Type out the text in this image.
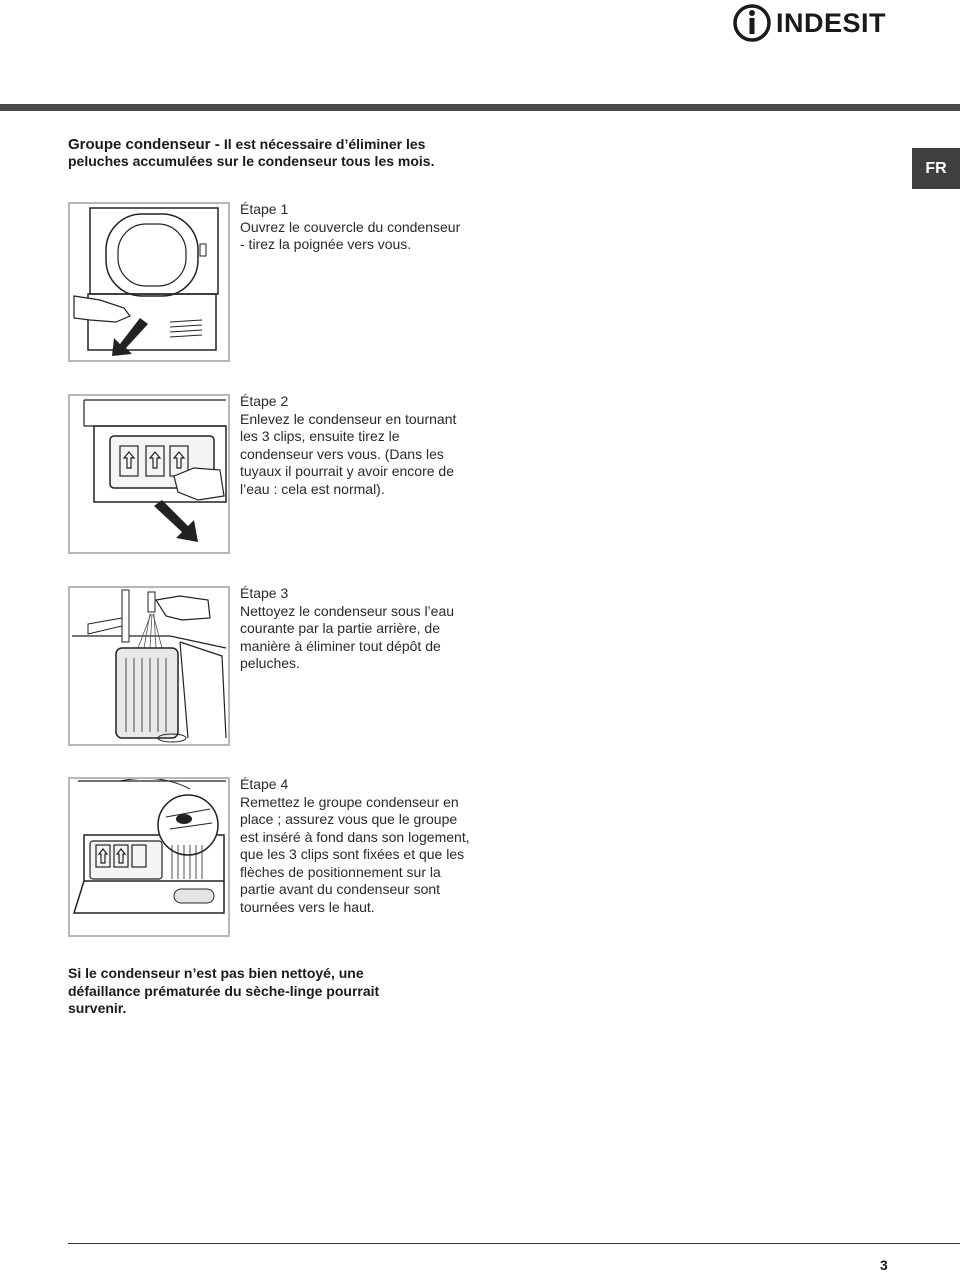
INDESIT
FR
Groupe condenseur - Il est nécessaire d’éliminer les peluches accumulées sur le condenseur tous les mois.
Étape 1
Ouvrez le couvercle du condenseur
- tirez la poignée vers vous.
Étape 2
Enlevez le condenseur en tournant les 3 clips, ensuite tirez le condenseur vers vous. (Dans les tuyaux il pourrait y avoir encore de l’eau : cela est normal).
Étape 3
Nettoyez le condenseur sous l’eau courante par la partie arrière, de manière à éliminer tout dépôt de peluches.
Étape 4
Remettez le groupe condenseur en place ; assurez vous que le groupe est inséré à fond dans son logement, que les 3 clips sont fixées et que les flèches de positionnement sur la partie avant du condenseur sont tournées vers le haut.
Si le condenseur n’est pas bien nettoyé, une défaillance prématurée du sèche-linge pourrait survenir.
3
